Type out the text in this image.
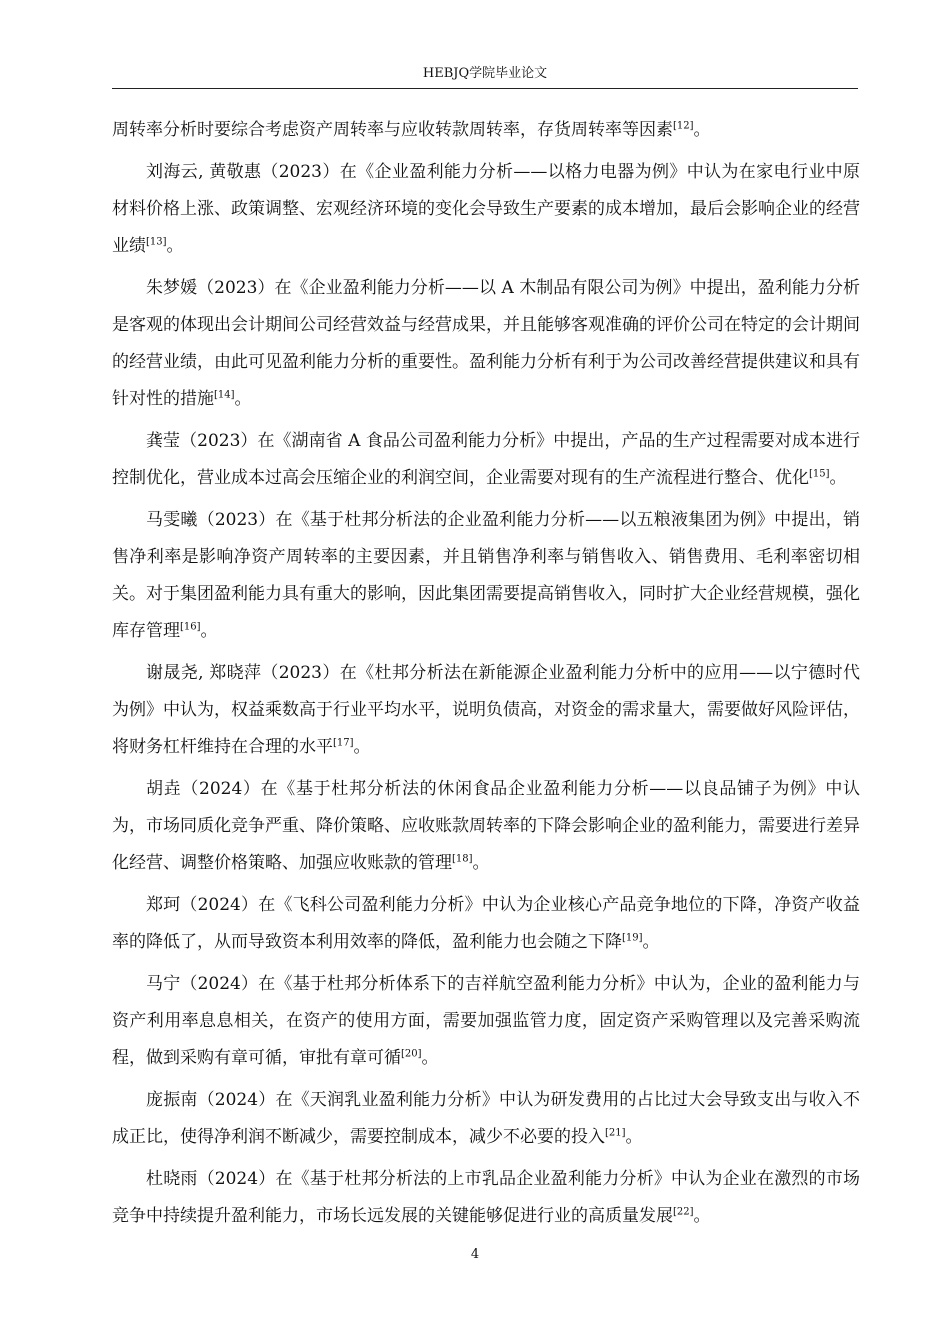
HEBJQ学院毕业论文

周转率分析时要综合考虑资产周转率与应收转款周转率，存货周转率等因素[12]。

刘海云, 黄敬惠（2023）在《企业盈利能力分析——以格力电器为例》中认为在家电行业中原材料价格上涨、政策调整、宏观经济环境的变化会导致生产要素的成本增加，最后会影响企业的经营业绩[13]。

朱梦媛（2023）在《企业盈利能力分析——以 A 木制品有限公司为例》中提出，盈利能力分析是客观的体现出会计期间公司经营效益与经营成果，并且能够客观准确的评价公司在特定的会计期间的经营业绩，由此可见盈利能力分析的重要性。盈利能力分析有利于为公司改善经营提供建议和具有针对性的措施[14]。

龚莹（2023）在《湖南省 A 食品公司盈利能力分析》中提出，产品的生产过程需要对成本进行控制优化，营业成本过高会压缩企业的利润空间，企业需要对现有的生产流程进行整合、优化[15]。

马雯曦（2023）在《基于杜邦分析法的企业盈利能力分析——以五粮液集团为例》中提出，销售净利率是影响净资产周转率的主要因素，并且销售净利率与销售收入、销售费用、毛利率密切相关。对于集团盈利能力具有重大的影响，因此集团需要提高销售收入，同时扩大企业经营规模，强化库存管理[16]。

谢晟尧, 郑晓萍（2023）在《杜邦分析法在新能源企业盈利能力分析中的应用——以宁德时代为例》中认为，权益乘数高于行业平均水平，说明负债高，对资金的需求量大，需要做好风险评估，将财务杠杆维持在合理的水平[17]。

胡垚（2024）在《基于杜邦分析法的休闲食品企业盈利能力分析——以良品铺子为例》中认为，市场同质化竞争严重、降价策略、应收账款周转率的下降会影响企业的盈利能力，需要进行差异化经营、调整价格策略、加强应收账款的管理[18]。

郑珂（2024）在《飞科公司盈利能力分析》中认为企业核心产品竞争地位的下降，净资产收益率的降低了，从而导致资本利用效率的降低，盈利能力也会随之下降[19]。

马宁（2024）在《基于杜邦分析体系下的吉祥航空盈利能力分析》中认为，企业的盈利能力与资产利用率息息相关，在资产的使用方面，需要加强监管力度，固定资产采购管理以及完善采购流程，做到采购有章可循，审批有章可循[20]。

庞振南（2024）在《天润乳业盈利能力分析》中认为研发费用的占比过大会导致支出与收入不成正比，使得净利润不断减少，需要控制成本，减少不必要的投入[21]。

杜晓雨（2024）在《基于杜邦分析法的上市乳品企业盈利能力分析》中认为企业在激烈的市场竞争中持续提升盈利能力，市场长远发展的关键能够促进行业的高质量发展[22]。

4
